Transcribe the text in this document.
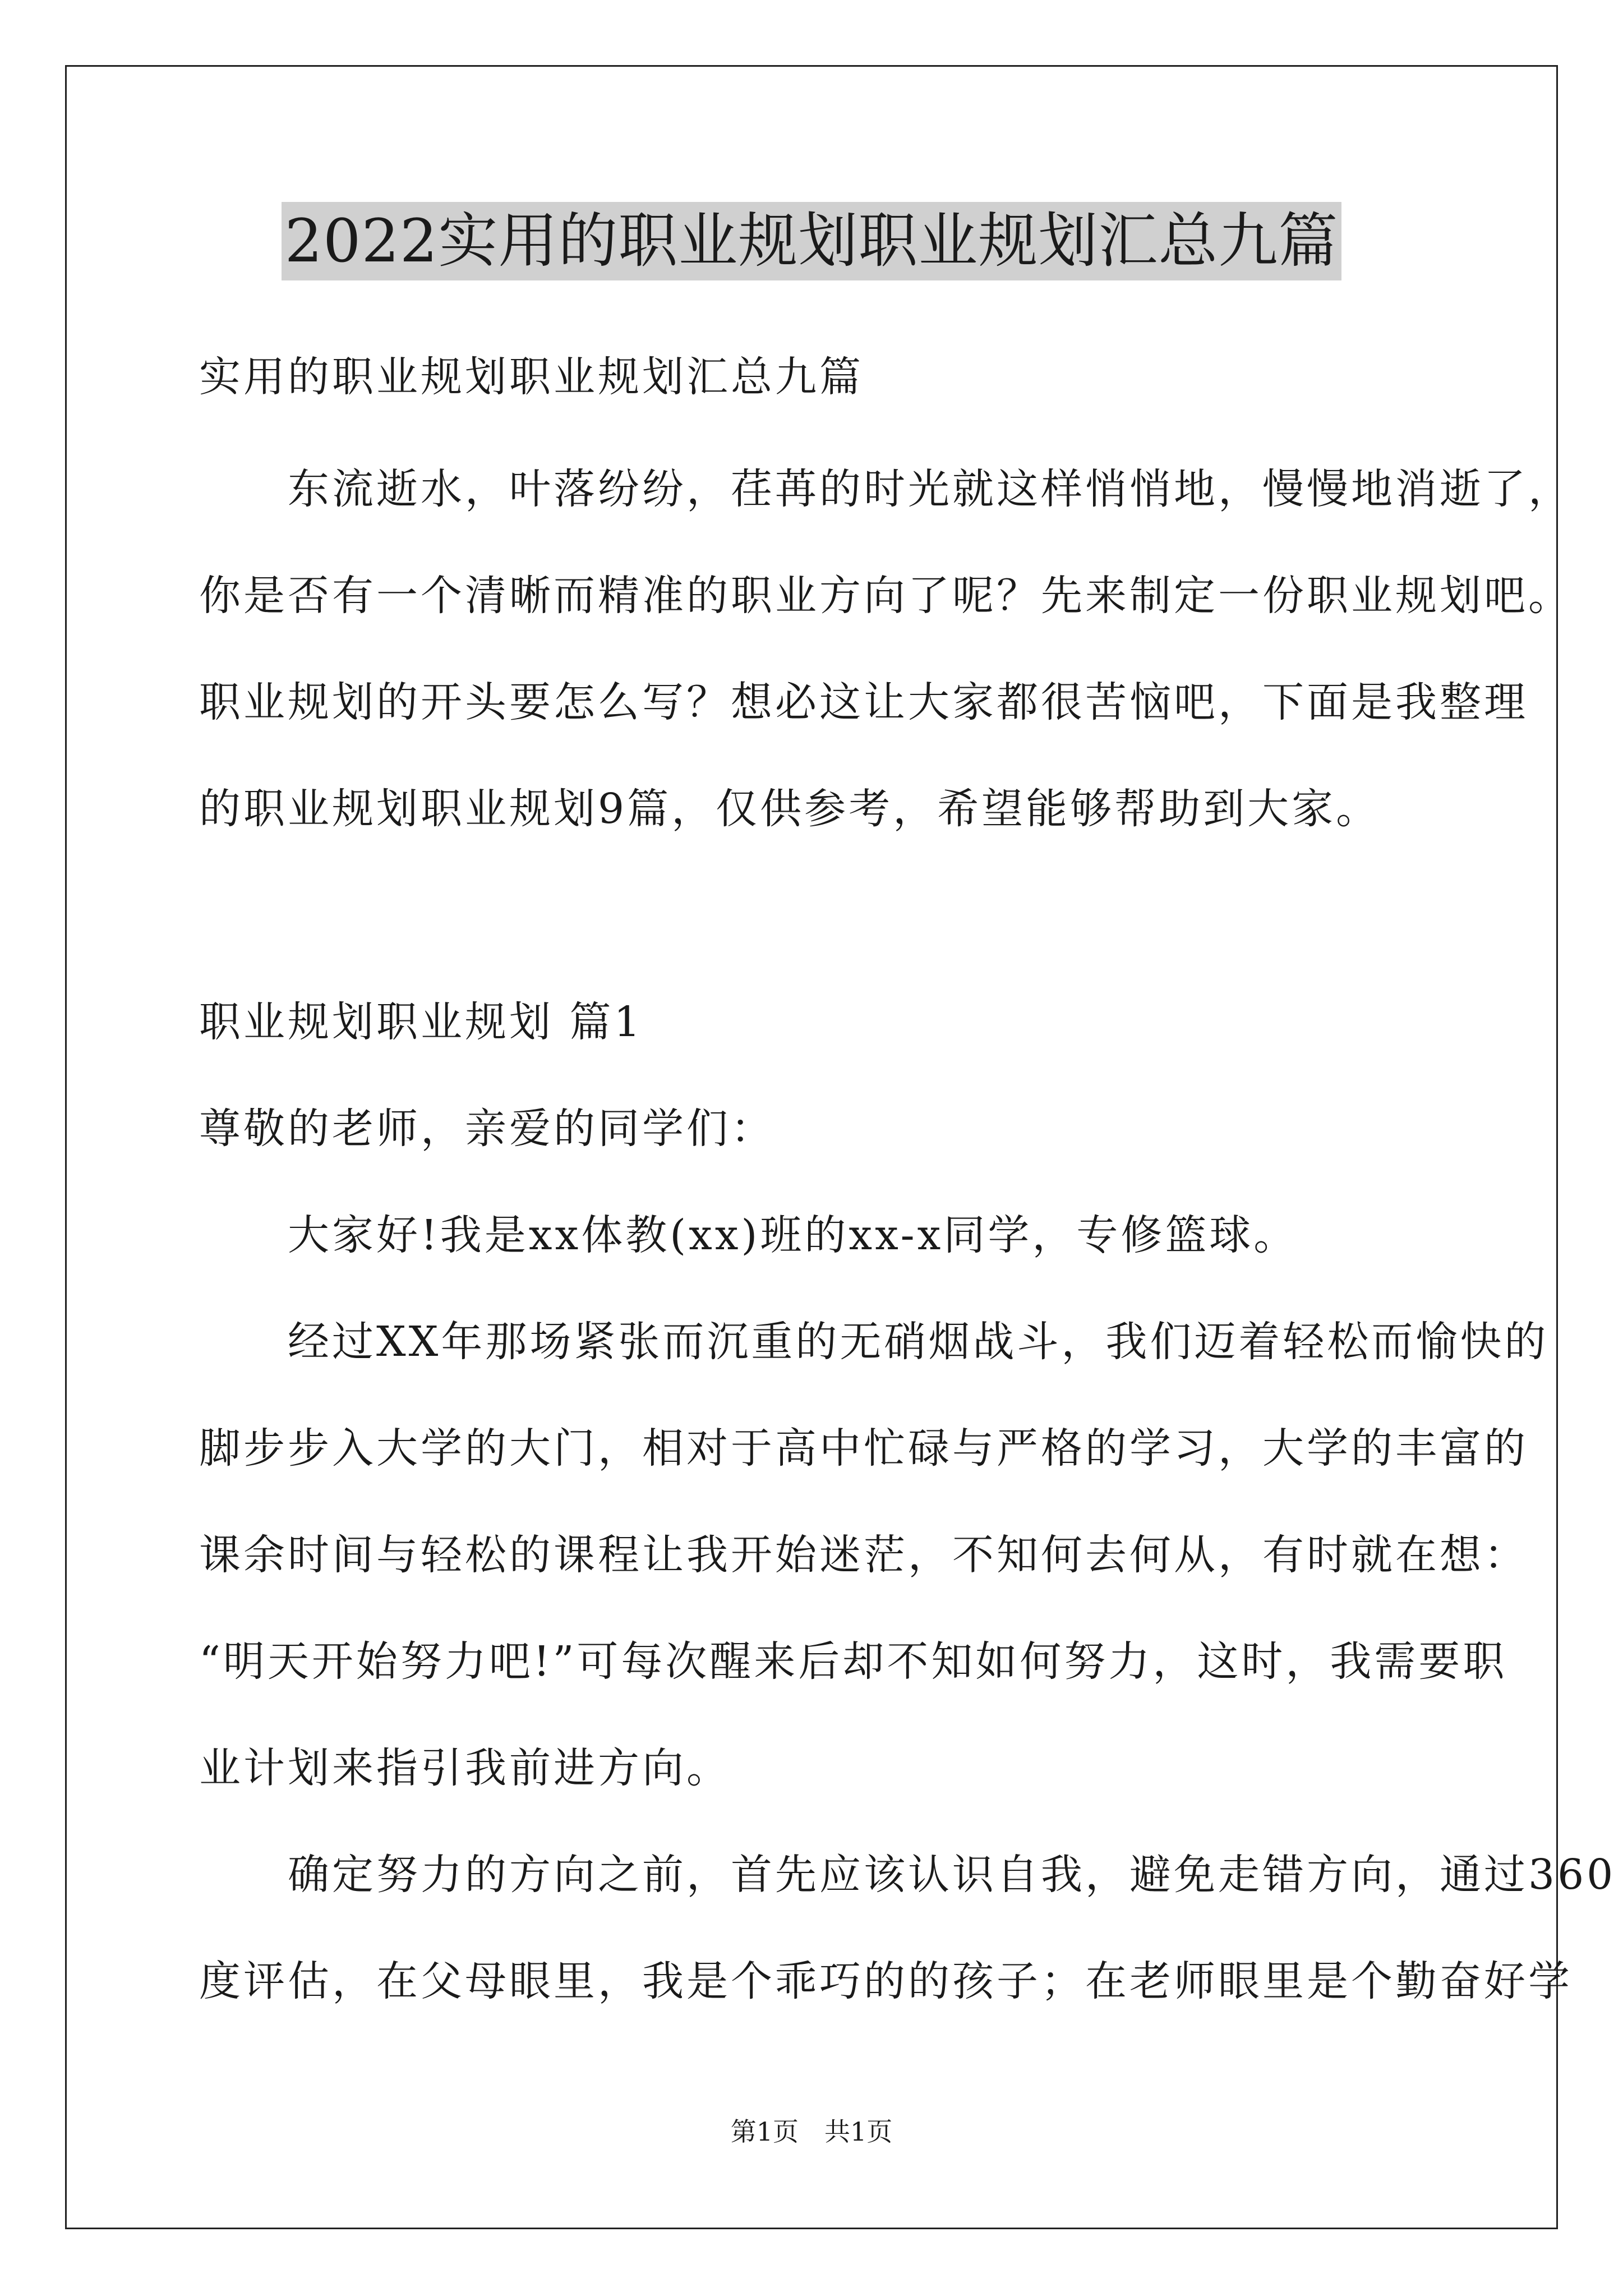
2022实用的职业规划职业规划汇总九篇
实用的职业规划职业规划汇总九篇
　　东流逝水，叶落纷纷，荏苒的时光就这样悄悄地，慢慢地消逝了，
你是否有一个清晰而精准的职业方向了呢？先来制定一份职业规划吧。
职业规划的开头要怎么写？想必这让大家都很苦恼吧，下面是我整理
的职业规划职业规划9篇，仅供参考，希望能够帮助到大家。
职业规划职业规划 篇1
尊敬的老师，亲爱的同学们：
　　大家好!我是xx体教(xx)班的xx-x同学，专修篮球。
　　经过XX年那场紧张而沉重的无硝烟战斗，我们迈着轻松而愉快的
脚步步入大学的大门，相对于高中忙碌与严格的学习，大学的丰富的
课余时间与轻松的课程让我开始迷茫，不知何去何从，有时就在想：
“明天开始努力吧!”可每次醒来后却不知如何努力，这时，我需要职
业计划来指引我前进方向。
　　确定努力的方向之前，首先应该认识自我，避免走错方向，通过360
度评估，在父母眼里，我是个乖巧的的孩子；在老师眼里是个勤奋好学
第1页　共1页
